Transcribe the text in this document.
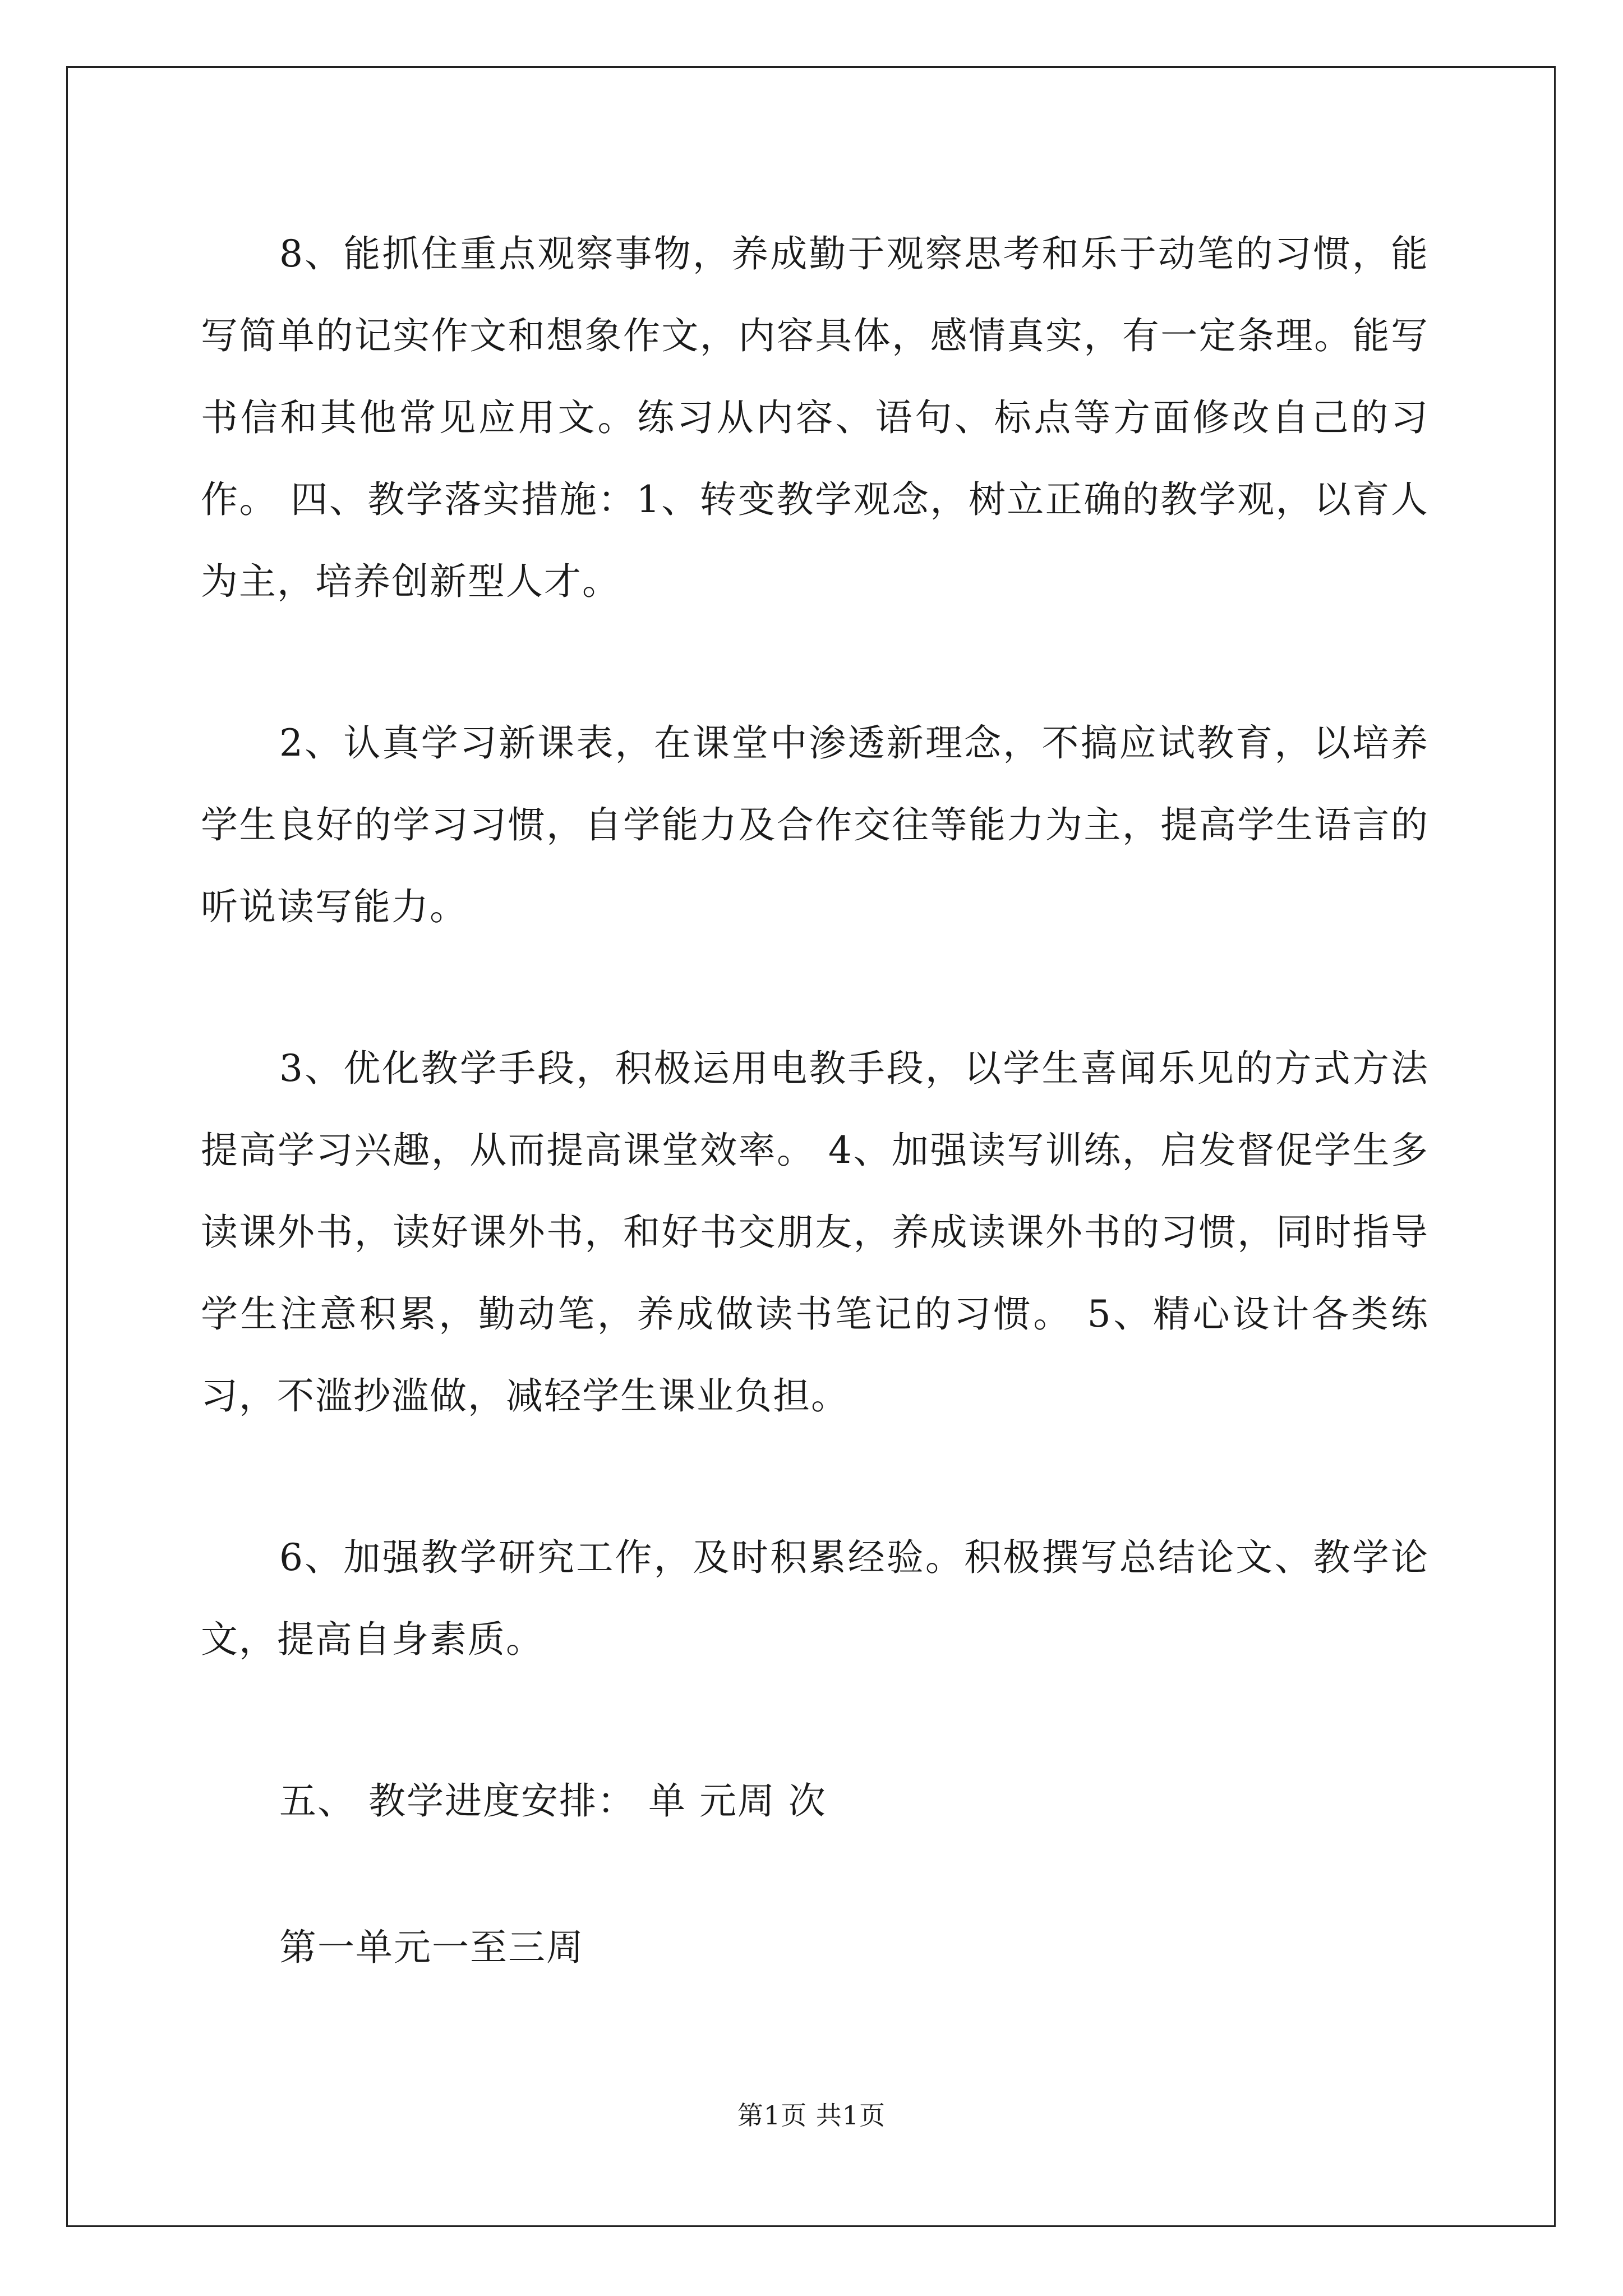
8、能抓住重点观察事物，养成勤于观察思考和乐于动笔的习惯，能写简单的记实作文和想象作文，内容具体，感情真实，有一定条理。能写书信和其他常见应用文。练习从内容、语句、标点等方面修改自己的习作。 四、教学落实措施：1、转变教学观念，树立正确的教学观，以育人为主，培养创新型人才。

2、认真学习新课表，在课堂中渗透新理念，不搞应试教育，以培养学生良好的学习习惯，自学能力及合作交往等能力为主，提高学生语言的听说读写能力。

3、优化教学手段，积极运用电教手段，以学生喜闻乐见的方式方法提高学习兴趣，从而提高课堂效率。 4、加强读写训练，启发督促学生多读课外书，读好课外书，和好书交朋友，养成读课外书的习惯，同时指导学生注意积累，勤动笔，养成做读书笔记的习惯。 5、精心设计各类练习，不滥抄滥做，减轻学生课业负担。

6、加强教学研究工作，及时积累经验。积极撰写总结论文、教学论文，提高自身素质。

五、 教学进度安排： 单 元周 次

第一单元一至三周

第1页 共1页
